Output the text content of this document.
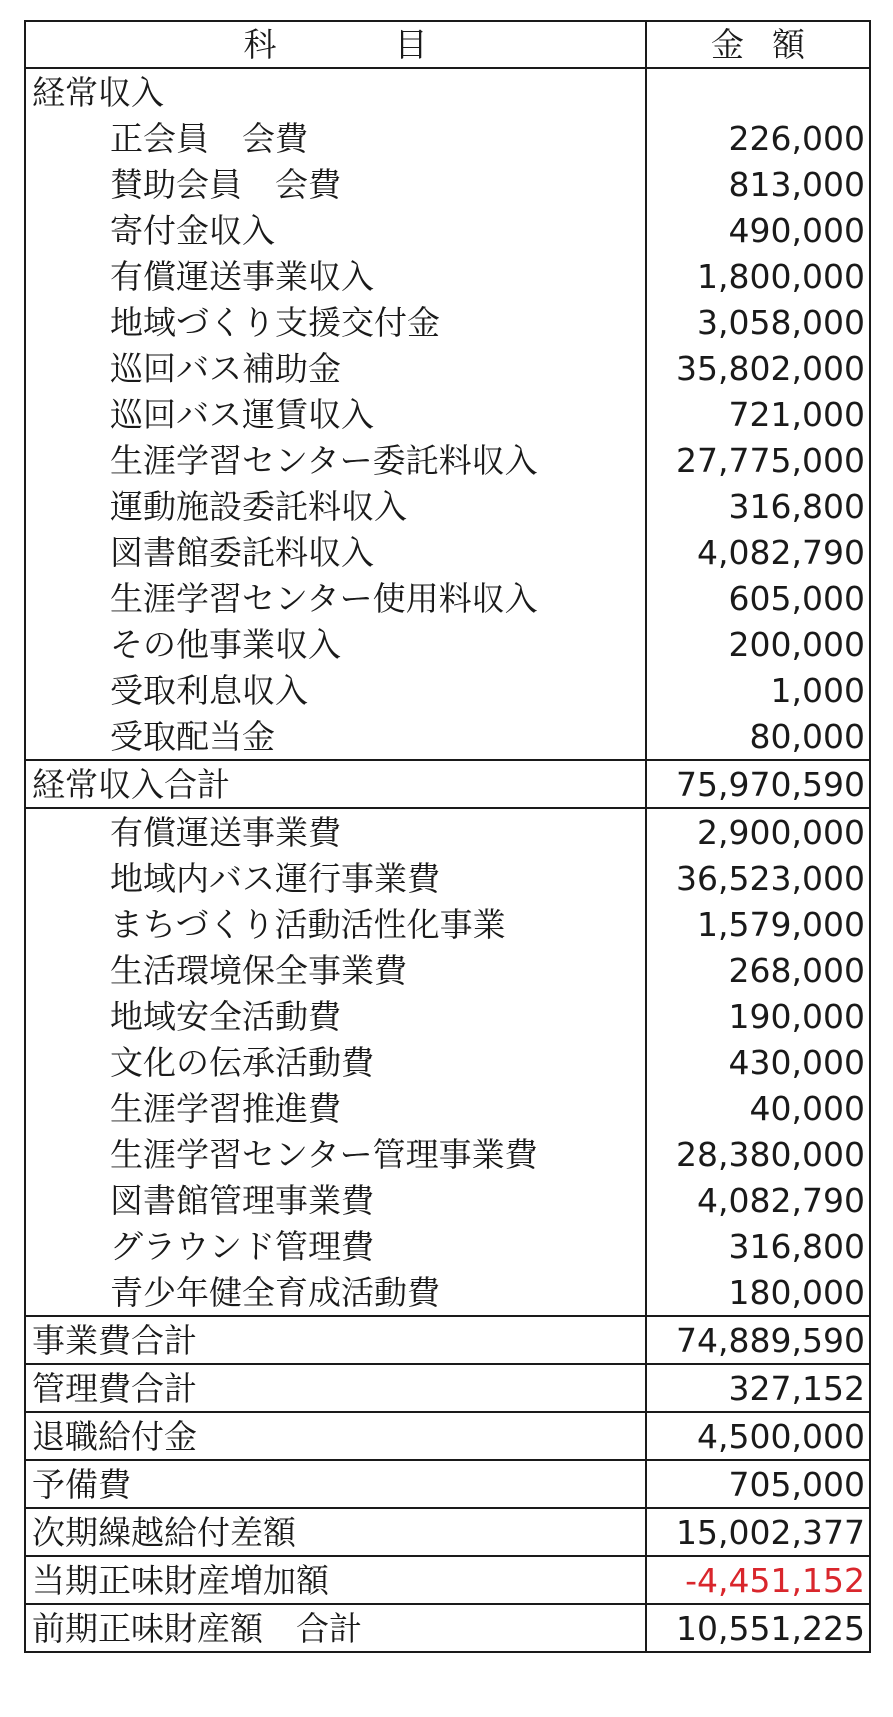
科目	金額
経常収入	
正会員　会費	226,000
賛助会員　会費	813,000
寄付金収入	490,000
有償運送事業収入	1,800,000
地域づくり支援交付金	3,058,000
巡回バス補助金	35,802,000
巡回バス運賃収入	721,000
生涯学習センター委託料収入	27,775,000
運動施設委託料収入	316,800
図書館委託料収入	4,082,790
生涯学習センター使用料収入	605,000
その他事業収入	200,000
受取利息収入	1,000
受取配当金	80,000
経常収入合計	75,970,590
有償運送事業費	2,900,000
地域内バス運行事業費	36,523,000
まちづくり活動活性化事業	1,579,000
生活環境保全事業費	268,000
地域安全活動費	190,000
文化の伝承活動費	430,000
生涯学習推進費	40,000
生涯学習センター管理事業費	28,380,000
図書館管理事業費	4,082,790
グラウンド管理費	316,800
青少年健全育成活動費	180,000
事業費合計	74,889,590
管理費合計	327,152
退職給付金	4,500,000
予備費	705,000
次期繰越給付差額	15,002,377
当期正味財産増加額	-4,451,152
前期正味財産額　合計	10,551,225
